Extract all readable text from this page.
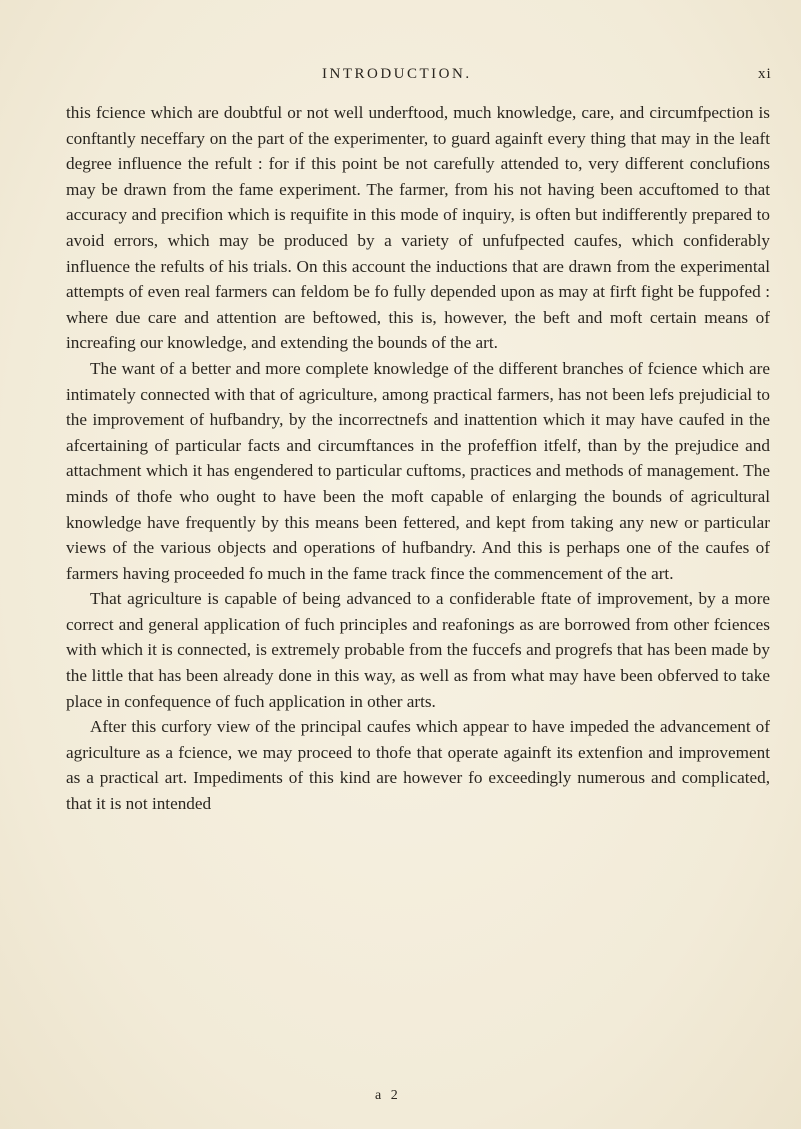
INTRODUCTION.	xi

this fcience which are doubtful or not well underftood, much knowledge, care, and circumfpection is conftantly neceffary on the part of the experimenter, to guard againft every thing that may in the leaft degree influence the refult : for if this point be not carefully attended to, very different conclufions may be drawn from the fame experiment. The farmer, from his not having been accuftomed to that accuracy and precifion which is requifite in this mode of inquiry, is often but indifferently prepared to avoid errors, which may be produced by a variety of unfufpected caufes, which confiderably influence the refults of his trials. On this account the inductions that are drawn from the experimental attempts of even real farmers can feldom be fo fully depended upon as may at firft fight be fuppofed : where due care and attention are beftowed, this is, however, the beft and moft certain means of increafing our knowledge, and extending the bounds of the art.

The want of a better and more complete knowledge of the different branches of fcience which are intimately connected with that of agriculture, among practical farmers, has not been lefs prejudicial to the improvement of hufbandry, by the incorrectnefs and inattention which it may have caufed in the afcertaining of particular facts and circumftances in the profeffion itfelf, than by the prejudice and attachment which it has engendered to particular cuftoms, practices and methods of management. The minds of thofe who ought to have been the moft capable of enlarging the bounds of agricultural knowledge have frequently by this means been fettered, and kept from taking any new or particular views of the various objects and operations of hufbandry. And this is perhaps one of the caufes of farmers having proceeded fo much in the fame track fince the commencement of the art.

That agriculture is capable of being advanced to a confiderable ftate of improvement, by a more correct and general application of fuch principles and reafonings as are borrowed from other fciences with which it is connected, is extremely probable from the fuccefs and progrefs that has been made by the little that has been already done in this way, as well as from what may have been obferved to take place in confequence of fuch application in other arts.

After this curfory view of the principal caufes which appear to have impeded the advancement of agriculture as a fcience, we may proceed to thofe that operate againft its extenfion and improvement as a practical art. Impediments of this kind are however fo exceedingly numerous and complicated, that it is not intended

a 2
